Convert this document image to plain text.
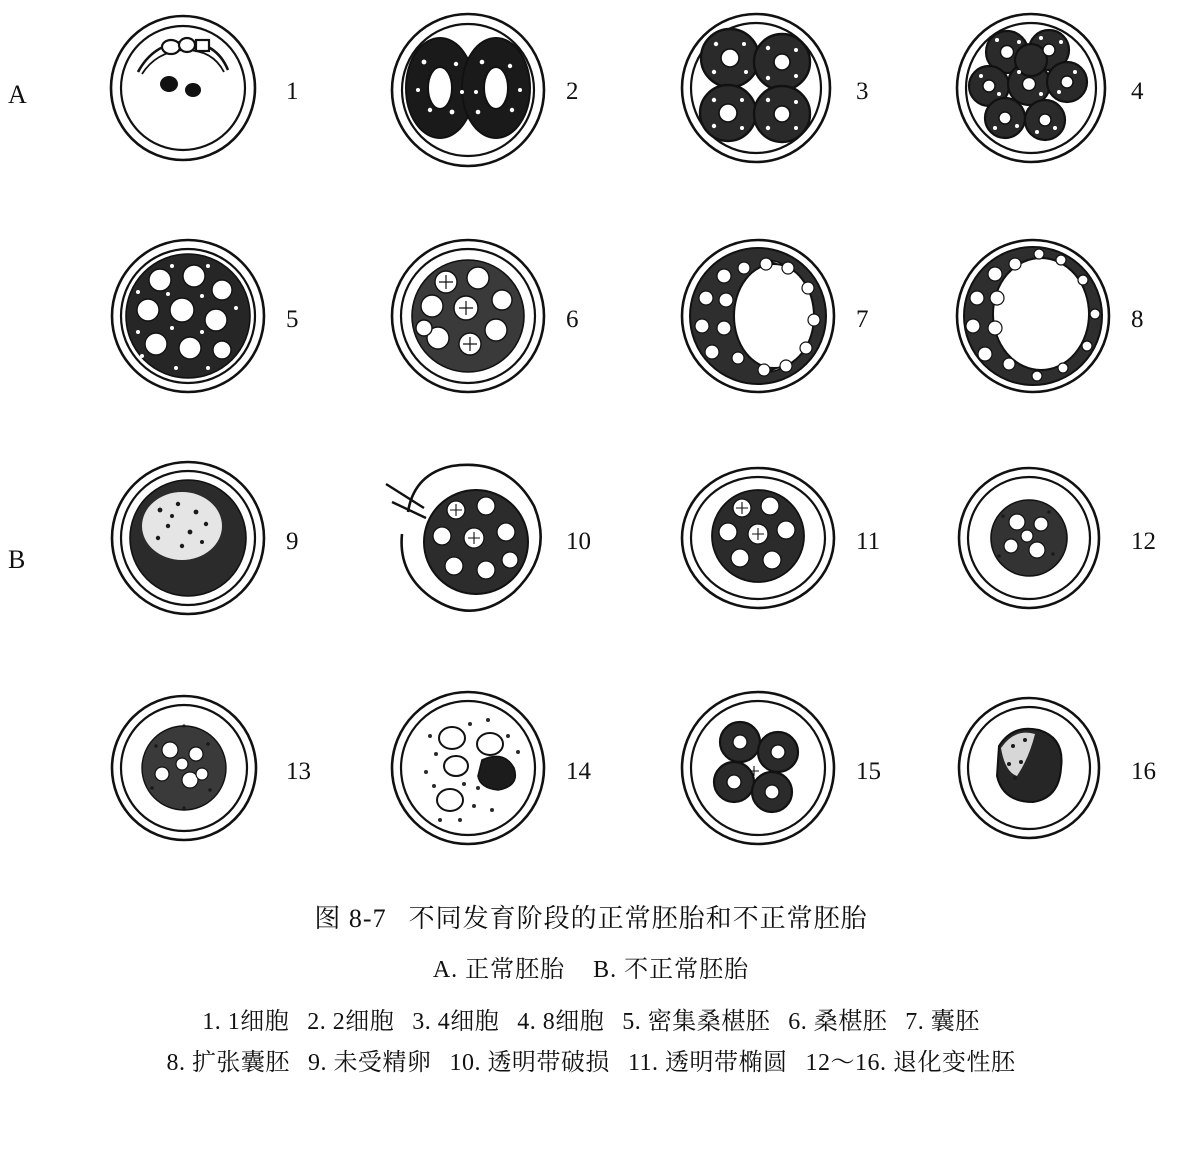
A
B
1	2	3	4
5	6	7	8
9	10	11	12
13	14	15	16
图 8-7 不同发育阶段的正常胚胎和不正常胚胎
A. 正常胚胎 B. 不正常胚胎
1. 1细胞 2. 2细胞 3. 4细胞 4. 8细胞 5. 密集桑椹胚 6. 桑椹胚 7. 囊胚
8. 扩张囊胚 9. 未受精卵 10. 透明带破损 11. 透明带椭圆 12～16. 退化变性胚
